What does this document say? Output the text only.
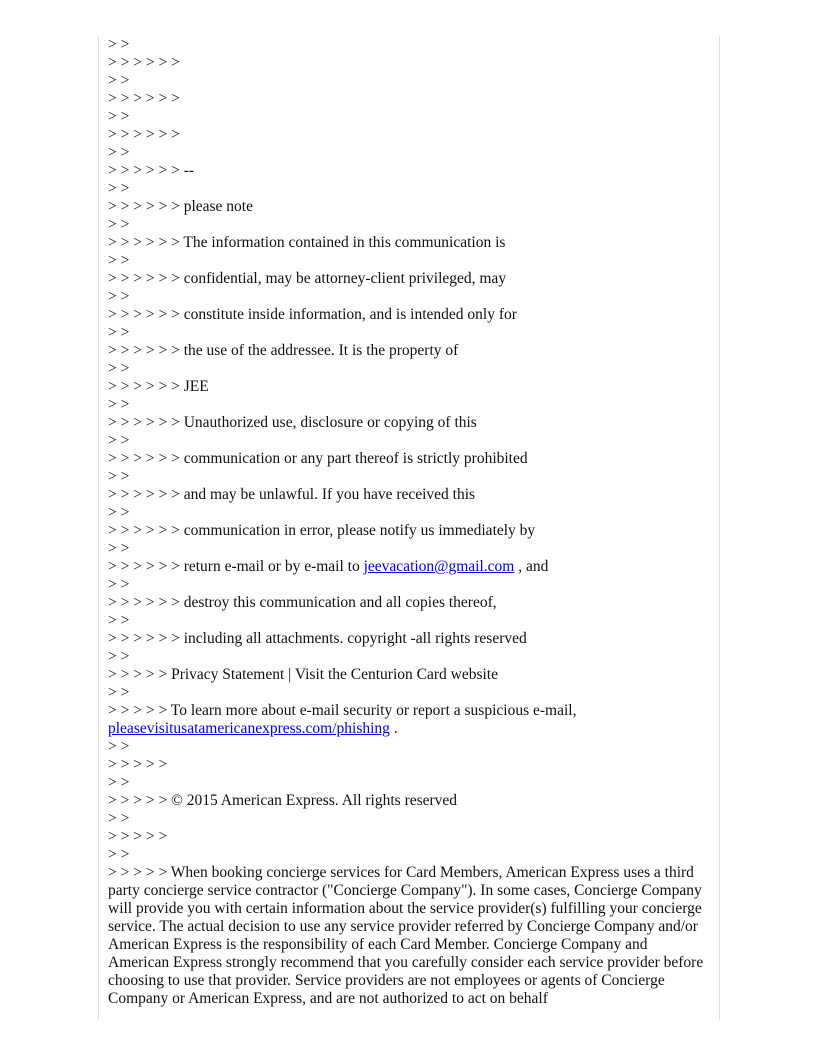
> >
> > > > > >
> >
> > > > > >
> >
> > > > > >
> >
> > > > > > --
> >
> > > > > > please note
> >
> > > > > > The information contained in this communication is
> >
> > > > > > confidential, may be attorney-client privileged, may
> >
> > > > > > constitute inside information, and is intended only for
> >
> > > > > > the use of the addressee. It is the property of
> >
> > > > > > JEE
> >
> > > > > > Unauthorized use, disclosure or copying of this
> >
> > > > > > communication or any part thereof is strictly prohibited
> >
> > > > > > and may be unlawful. If you have received this
> >
> > > > > > communication in error, please notify us immediately by
> >
> > > > > > return e-mail or by e-mail to jeevacation@gmail.com , and
> >
> > > > > > destroy this communication and all copies thereof,
> >
> > > > > > including all attachments. copyright -all rights reserved
> >
> > > > > Privacy Statement | Visit the Centurion Card website
> >
> > > > > To learn more about e-mail security or report a suspicious e-mail, pleasevisitusatamericanexpress.com/phishing .
> >
> > > > >
> >
> > > > > © 2015 American Express. All rights reserved
> >
> > > > >
> >
> > > > > When booking concierge services for Card Members, American Express uses a third party concierge service contractor ("Concierge Company"). In some cases, Concierge Company will provide you with certain information about the service provider(s) fulfilling your concierge service. The actual decision to use any service provider referred by Concierge Company and/or American Express is the responsibility of each Card Member. Concierge Company and American Express strongly recommend that you carefully consider each service provider before choosing to use that provider. Service providers are not employees or agents of Concierge Company or American Express, and are not authorized to act on behalf
